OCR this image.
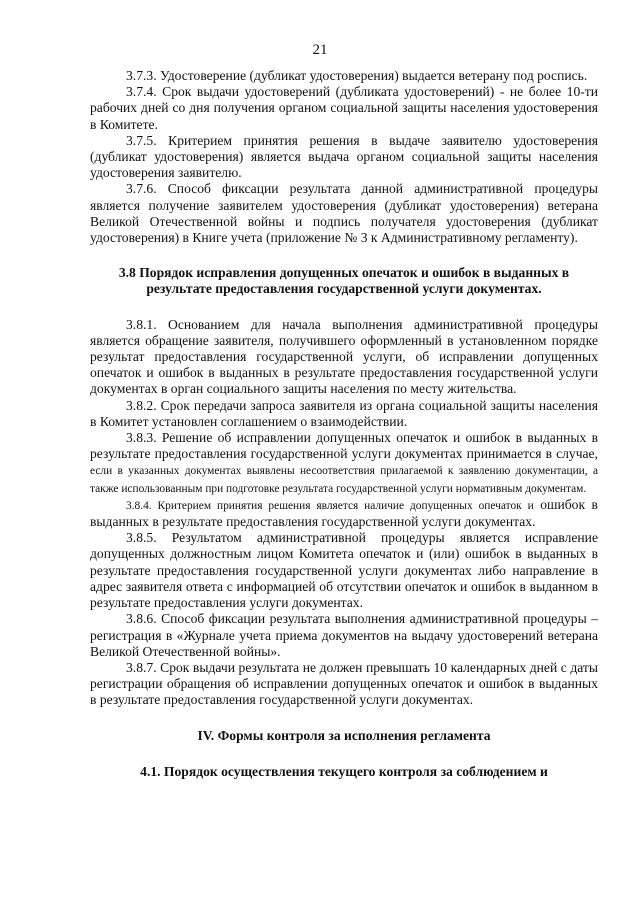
21

3.7.3. Удостоверение (дубликат удостоверения) выдается ветерану под роспись.

3.7.4. Срок выдачи удостоверений (дубликата удостоверений) - не более 10-ти рабочих дней со дня получения органом социальной защиты населения удостоверения в Комитете.

3.7.5. Критерием принятия решения в выдаче заявителю удостоверения (дубликат удостоверения) является выдача органом социальной защиты населения удостоверения заявителю.

3.7.6. Способ фиксации результата данной административной процедуры является получение заявителем удостоверения (дубликат удостоверения) ветерана Великой Отечественной войны и подпись получателя удостоверения (дубликат удостоверения) в Книге учета (приложение № 3 к Административному регламенту).

3.8 Порядок исправления допущенных опечаток и ошибок в выданных в результате предоставления государственной услуги документах.

3.8.1. Основанием для начала выполнения административной процедуры является обращение заявителя, получившего оформленный в установленном порядке результат предоставления государственной услуги, об исправлении допущенных опечаток и ошибок в выданных в результате предоставления государственной услуги документах в орган социального защиты населения по месту жительства.

3.8.2. Срок передачи запроса заявителя из органа социальной защиты населения в Комитет установлен соглашением о взаимодействии.

3.8.3. Решение об исправлении допущенных опечаток и ошибок в выданных в результате предоставления государственной услуги документах принимается в случае, если в указанных документах выявлены несоответствия прилагаемой к заявлению документации, а также использованным при подготовке результата государственной услуги нормативным документам.

3.8.4. Критерием принятия решения является наличие допущенных опечаток и ошибок в выданных в результате предоставления государственной услуги документах.

3.8.5. Результатом административной процедуры является исправление допущенных должностным лицом Комитета опечаток и (или) ошибок в выданных в результате предоставления государственной услуги документах либо направление в адрес заявителя ответа с информацией об отсутствии опечаток и ошибок в выданном в результате предоставления услуги документах.

3.8.6. Способ фиксации результата выполнения административной процедуры – регистрация в «Журнале учета приема документов на выдачу удостоверений ветерана Великой Отечественной войны».

3.8.7. Срок выдачи результата не должен превышать 10 календарных дней с даты регистрации обращения об исправлении допущенных опечаток и ошибок в выданных в результате предоставления государственной услуги документах.

IV. Формы контроля за исполнения регламента
4.1. Порядок осуществления текущего контроля за соблюдением и
